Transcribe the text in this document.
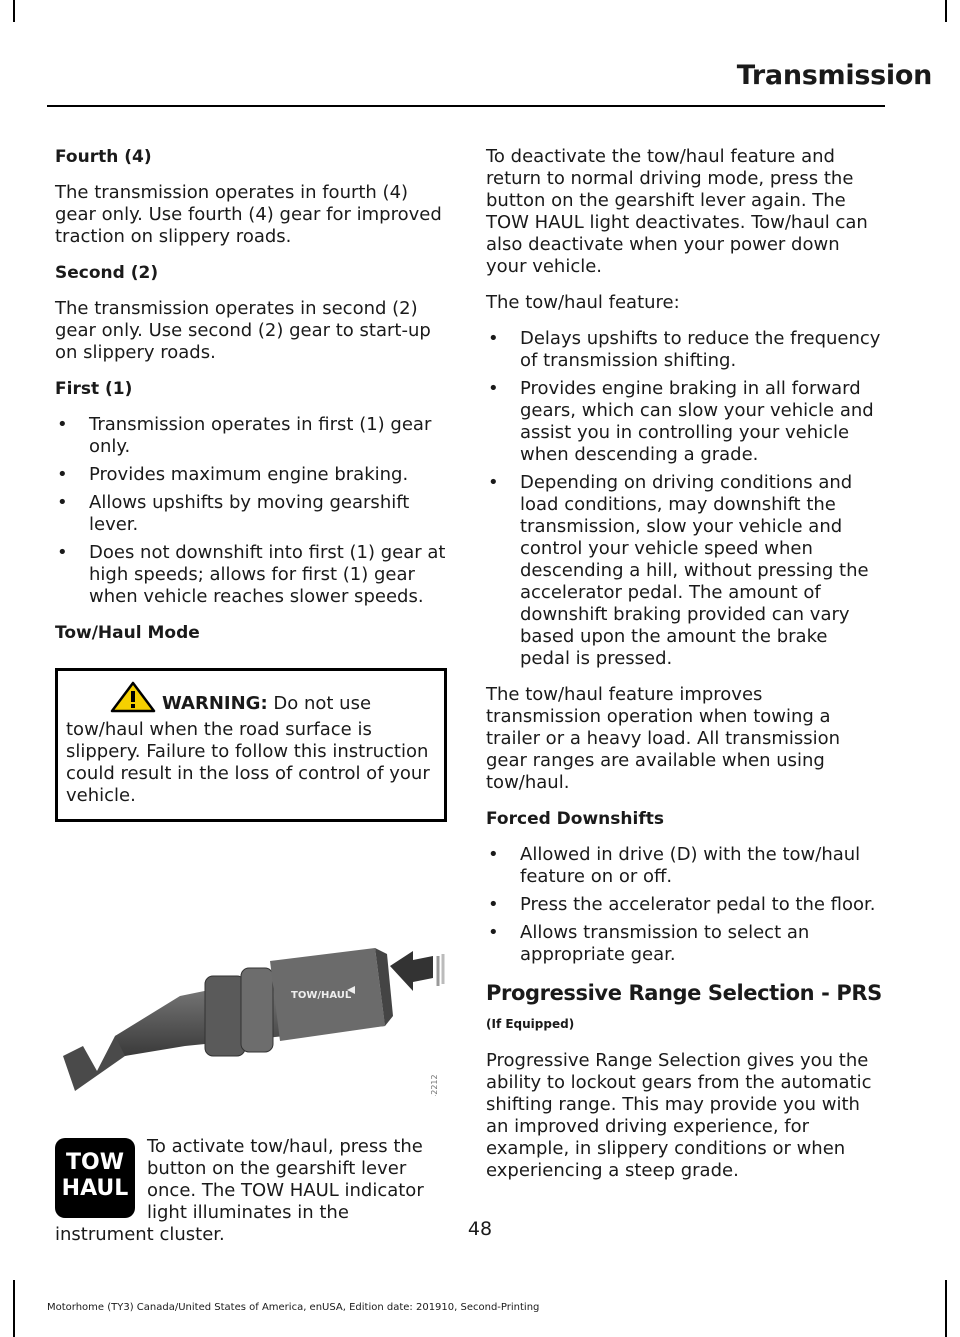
Transmission
Fourth (4)

The transmission operates in fourth (4) gear only. Use fourth (4) gear for improved traction on slippery roads.

Second (2)

The transmission operates in second (2) gear only. Use second (2) gear to start-up on slippery roads.

First (1)
• Transmission operates in first (1) gear only.
• Provides maximum engine braking.
• Allows upshifts by moving gearshift lever.
• Does not downshift into first (1) gear at high speeds; allows for first (1) gear when vehicle reaches slower speeds.
Tow/Haul Mode
WARNING: Do not use tow/haul when the road surface is slippery. Failure to follow this instruction could result in the loss of control of your vehicle.
TOW/HAUL
E142212
TOW
HAUL
To activate tow/haul, press the button on the gearshift lever once. The TOW HAUL indicator light illuminates in the instrument cluster.

To deactivate the tow/haul feature and return to normal driving mode, press the button on the gearshift lever again. The TOW HAUL light deactivates. Tow/haul can also deactivate when your power down your vehicle.

The tow/haul feature:

• Delays upshifts to reduce the frequency of transmission shifting.
• Provides engine braking in all forward gears, which can slow your vehicle and assist you in controlling your vehicle when descending a grade.
• Depending on driving conditions and load conditions, may downshift the transmission, slow your vehicle and control your vehicle speed when descending a hill, without pressing the accelerator pedal. The amount of downshift braking provided can vary based upon the amount the brake pedal is pressed.

The tow/haul feature improves transmission operation when towing a trailer or a heavy load. All transmission gear ranges are available when using tow/haul.

Forced Downshifts
• Allowed in drive (D) with the tow/haul feature on or off.
• Press the accelerator pedal to the floor.
• Allows transmission to select an appropriate gear.
Progressive Range Selection - PRS
(If Equipped)

Progressive Range Selection gives you the ability to lockout gears from the automatic shifting range. This may provide you with an improved driving experience, for example, in slippery conditions or when experiencing a steep grade.

48
Motorhome (TY3) Canada/United States of America, enUSA, Edition date: 201910, Second-Printing
